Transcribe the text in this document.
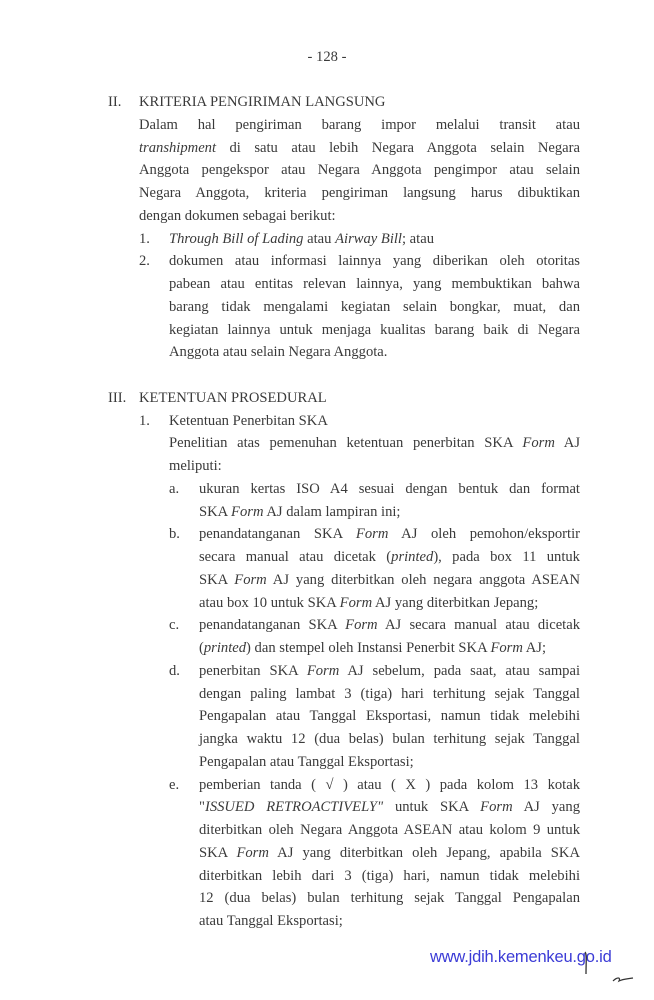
- 128 -
II.	KRITERIA PENGIRIMAN LANGSUNG
Dalam hal pengiriman barang impor melalui transit atau
transhipment di satu atau lebih Negara Anggota selain Negara
Anggota pengekspor atau Negara Anggota pengimpor atau selain
Negara Anggota, kriteria pengiriman langsung harus dibuktikan
dengan dokumen sebagai berikut:
1.	Through Bill of Lading atau Airway Bill; atau
2.	dokumen atau informasi lainnya yang diberikan oleh otoritas
pabean atau entitas relevan lainnya, yang membuktikan bahwa
barang tidak mengalami kegiatan selain bongkar, muat, dan
kegiatan lainnya untuk menjaga kualitas barang baik di Negara
Anggota atau selain Negara Anggota.
III. KETENTUAN PROSEDURAL
1.	Ketentuan Penerbitan SKA
Penelitian atas pemenuhan ketentuan penerbitan SKA Form AJ
meliputi:
a.	ukuran kertas ISO A4 sesuai dengan bentuk dan format
SKA Form AJ dalam lampiran ini;
b.	penandatanganan SKA Form AJ oleh pemohon/eksportir
secara manual atau dicetak (printed), pada box 11 untuk
SKA Form AJ yang diterbitkan oleh negara anggota ASEAN
atau box 10 untuk SKA Form AJ yang diterbitkan Jepang;
c.	penandatanganan SKA Form AJ secara manual atau dicetak
(printed) dan stempel oleh Instansi Penerbit SKA Form AJ;
d.	penerbitan SKA Form AJ sebelum, pada saat, atau sampai
dengan paling lambat 3 (tiga) hari terhitung sejak Tanggal
Pengapalan atau Tanggal Eksportasi, namun tidak melebihi
jangka waktu 12 (dua belas) bulan terhitung sejak Tanggal
Pengapalan atau Tanggal Eksportasi;
e.	pemberian tanda ( √ ) atau ( X ) pada kolom 13 kotak
"ISSUED RETROACTIVELY" untuk SKA Form AJ yang
diterbitkan oleh Negara Anggota ASEAN atau kolom 9 untuk
SKA Form AJ yang diterbitkan oleh Jepang, apabila SKA
diterbitkan lebih dari 3 (tiga) hari, namun tidak melebihi
12 (dua belas) bulan terhitung sejak Tanggal Pengapalan
atau Tanggal Eksportasi;
www.jdih.kemenkeu.go.id
